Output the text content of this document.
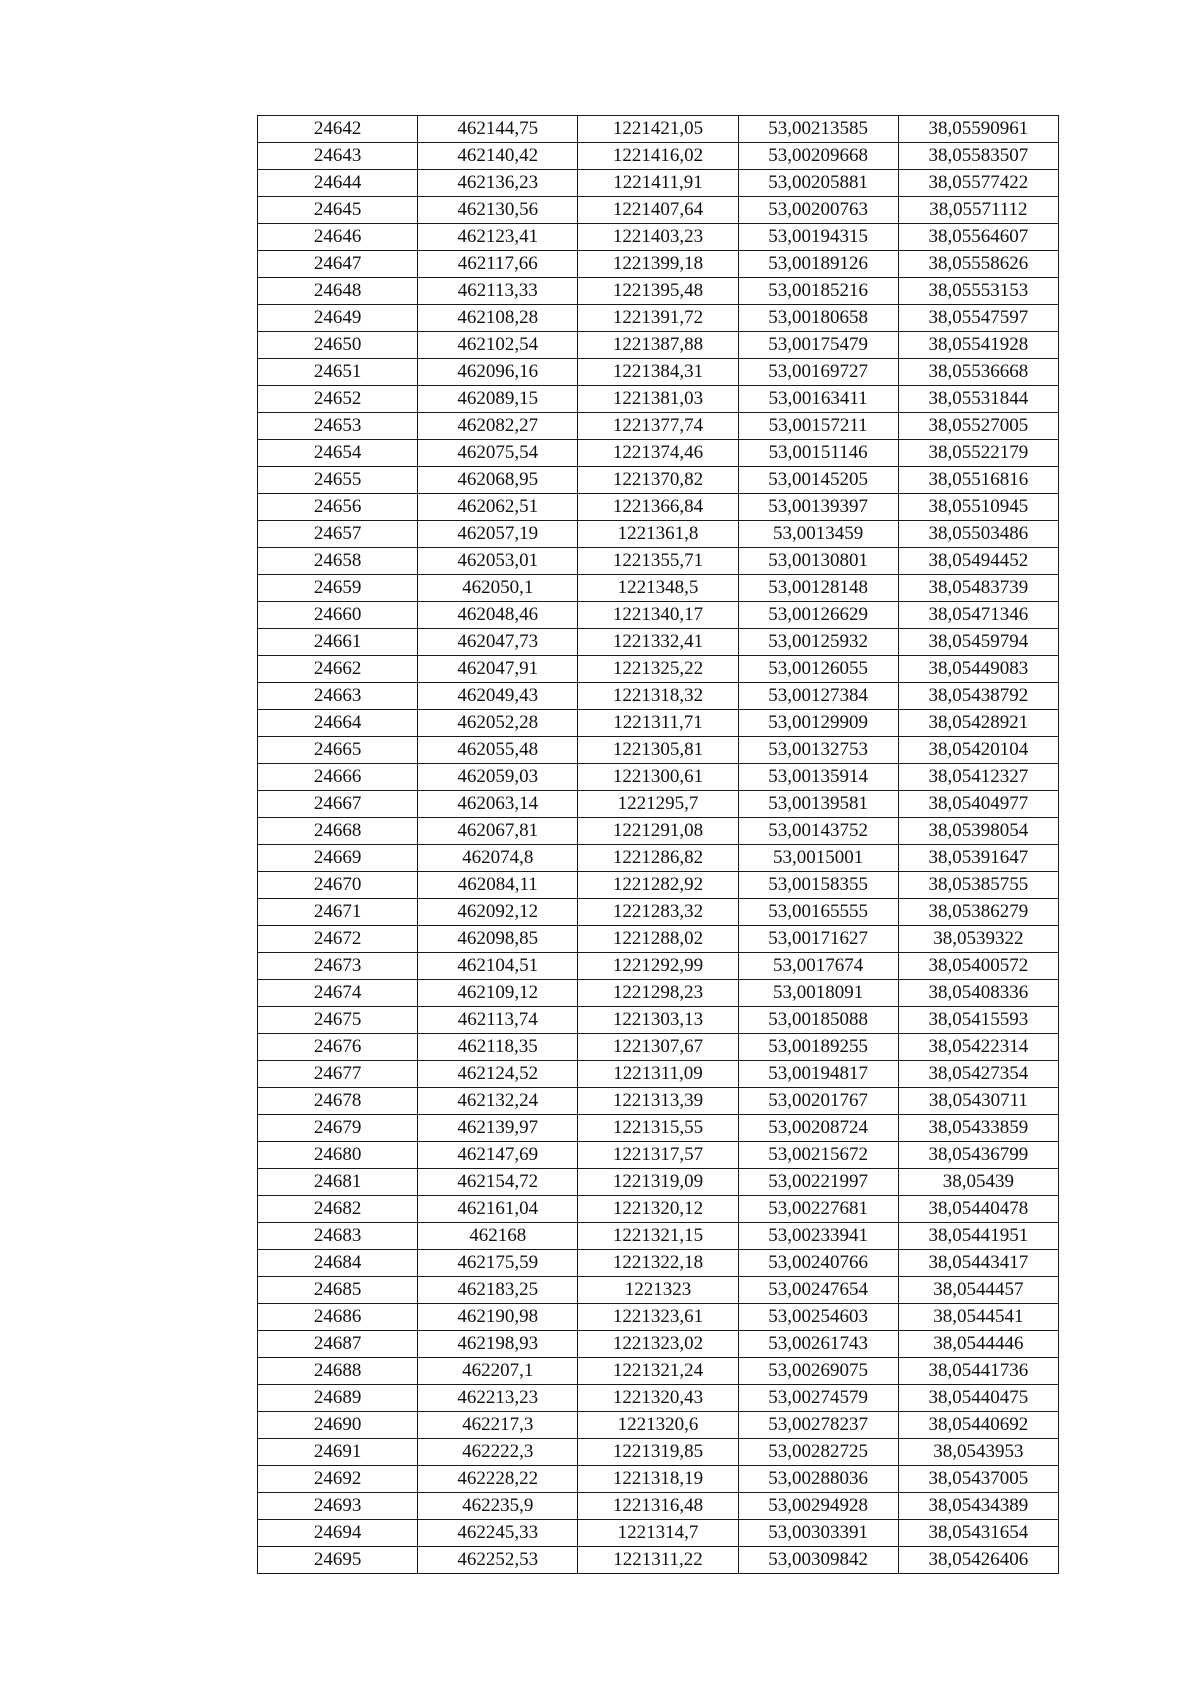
24642	462144,75	1221421,05	53,00213585	38,05590961
24643	462140,42	1221416,02	53,00209668	38,05583507
24644	462136,23	1221411,91	53,00205881	38,05577422
24645	462130,56	1221407,64	53,00200763	38,05571112
24646	462123,41	1221403,23	53,00194315	38,05564607
24647	462117,66	1221399,18	53,00189126	38,05558626
24648	462113,33	1221395,48	53,00185216	38,05553153
24649	462108,28	1221391,72	53,00180658	38,05547597
24650	462102,54	1221387,88	53,00175479	38,05541928
24651	462096,16	1221384,31	53,00169727	38,05536668
24652	462089,15	1221381,03	53,00163411	38,05531844
24653	462082,27	1221377,74	53,00157211	38,05527005
24654	462075,54	1221374,46	53,00151146	38,05522179
24655	462068,95	1221370,82	53,00145205	38,05516816
24656	462062,51	1221366,84	53,00139397	38,05510945
24657	462057,19	1221361,8	53,0013459	38,05503486
24658	462053,01	1221355,71	53,00130801	38,05494452
24659	462050,1	1221348,5	53,00128148	38,05483739
24660	462048,46	1221340,17	53,00126629	38,05471346
24661	462047,73	1221332,41	53,00125932	38,05459794
24662	462047,91	1221325,22	53,00126055	38,05449083
24663	462049,43	1221318,32	53,00127384	38,05438792
24664	462052,28	1221311,71	53,00129909	38,05428921
24665	462055,48	1221305,81	53,00132753	38,05420104
24666	462059,03	1221300,61	53,00135914	38,05412327
24667	462063,14	1221295,7	53,00139581	38,05404977
24668	462067,81	1221291,08	53,00143752	38,05398054
24669	462074,8	1221286,82	53,0015001	38,05391647
24670	462084,11	1221282,92	53,00158355	38,05385755
24671	462092,12	1221283,32	53,00165555	38,05386279
24672	462098,85	1221288,02	53,00171627	38,0539322
24673	462104,51	1221292,99	53,0017674	38,05400572
24674	462109,12	1221298,23	53,0018091	38,05408336
24675	462113,74	1221303,13	53,00185088	38,05415593
24676	462118,35	1221307,67	53,00189255	38,05422314
24677	462124,52	1221311,09	53,00194817	38,05427354
24678	462132,24	1221313,39	53,00201767	38,05430711
24679	462139,97	1221315,55	53,00208724	38,05433859
24680	462147,69	1221317,57	53,00215672	38,05436799
24681	462154,72	1221319,09	53,00221997	38,05439
24682	462161,04	1221320,12	53,00227681	38,05440478
24683	462168	1221321,15	53,00233941	38,05441951
24684	462175,59	1221322,18	53,00240766	38,05443417
24685	462183,25	1221323	53,00247654	38,0544457
24686	462190,98	1221323,61	53,00254603	38,0544541
24687	462198,93	1221323,02	53,00261743	38,0544446
24688	462207,1	1221321,24	53,00269075	38,05441736
24689	462213,23	1221320,43	53,00274579	38,05440475
24690	462217,3	1221320,6	53,00278237	38,05440692
24691	462222,3	1221319,85	53,00282725	38,0543953
24692	462228,22	1221318,19	53,00288036	38,05437005
24693	462235,9	1221316,48	53,00294928	38,05434389
24694	462245,33	1221314,7	53,00303391	38,05431654
24695	462252,53	1221311,22	53,00309842	38,05426406
